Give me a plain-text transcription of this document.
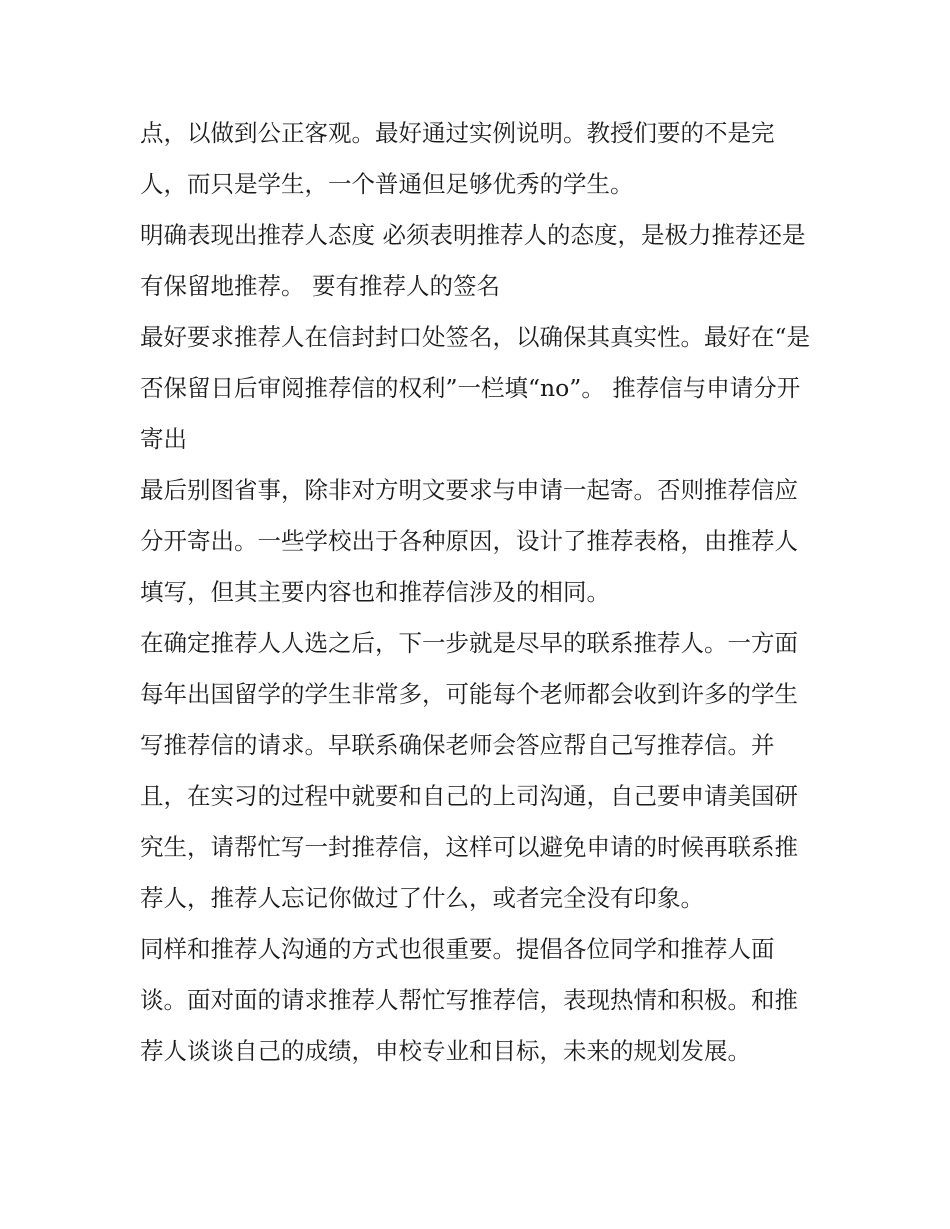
点，以做到公正客观。最好通过实例说明。教授们要的不是完人，而只是学生，一个普通但足够优秀的学生。

明确表现出推荐人态度 必须表明推荐人的态度，是极力推荐还是有保留地推荐。 要有推荐人的签名

最好要求推荐人在信封封口处签名，以确保其真实性。最好在“是否保留日后审阅推荐信的权利”一栏填“no”。 推荐信与申请分开寄出

最后别图省事，除非对方明文要求与申请一起寄。否则推荐信应分开寄出。一些学校出于各种原因，设计了推荐表格，由推荐人填写，但其主要内容也和推荐信涉及的相同。

在确定推荐人人选之后，下一步就是尽早的联系推荐人。一方面每年出国留学的学生非常多，可能每个老师都会收到许多的学生写推荐信的请求。早联系确保老师会答应帮自己写推荐信。并且，在实习的过程中就要和自己的上司沟通，自己要申请美国研究生，请帮忙写一封推荐信，这样可以避免申请的时候再联系推荐人，推荐人忘记你做过了什么，或者完全没有印象。

同样和推荐人沟通的方式也很重要。提倡各位同学和推荐人面谈。面对面的请求推荐人帮忙写推荐信，表现热情和积极。和推荐人谈谈自己的成绩，申校专业和目标，未来的规划发展。
